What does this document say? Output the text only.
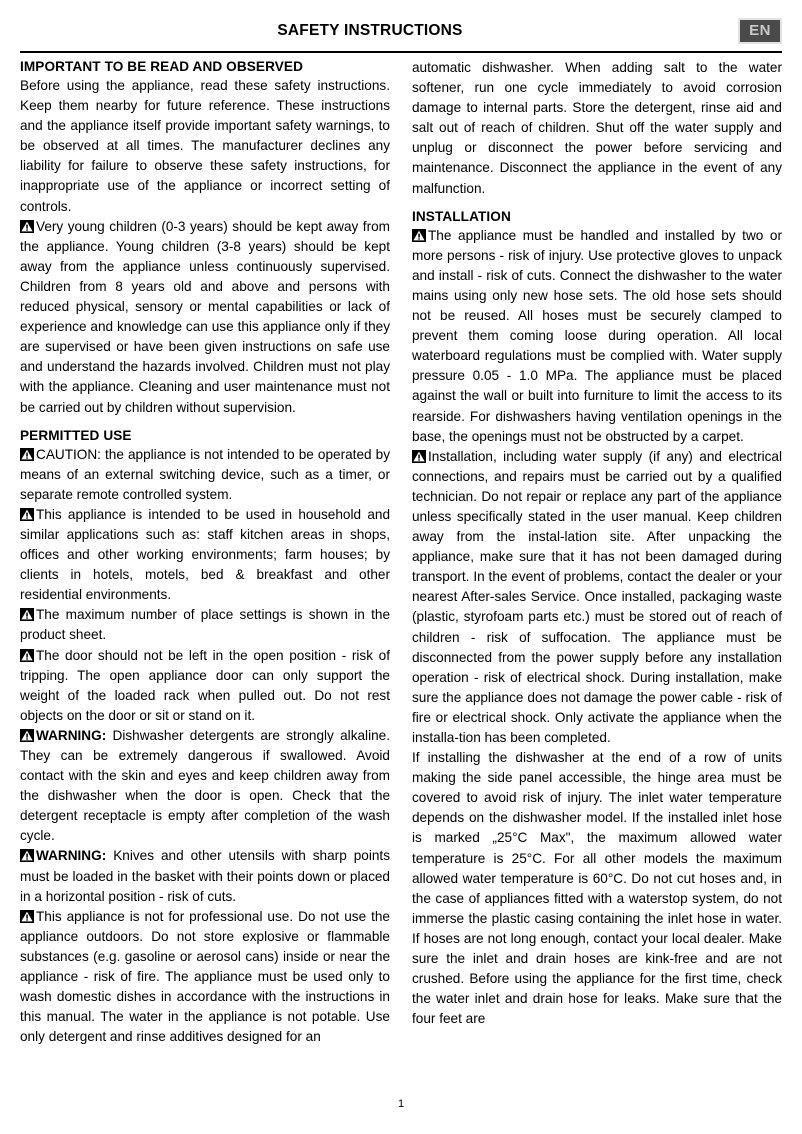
SAFETY INSTRUCTIONS	EN
IMPORTANT TO BE READ AND OBSERVED

Before using the appliance, read these safety instructions. Keep them nearby for future reference. These instructions and the appliance itself provide important safety warnings, to be observed at all times. The manufacturer declines any liability for failure to observe these safety instructions, for inappropriate use of the appliance or incorrect setting of controls.

Very young children (0-3 years) should be kept away from the appliance. Young children (3-8 years) should be kept away from the appliance unless continuously supervised. Children from 8 years old and above and persons with reduced physical, sensory or mental capabilities or lack of experience and knowledge can use this appliance only if they are supervised or have been given instructions on safe use and understand the hazards involved. Children must not play with the appliance. Cleaning and user maintenance must not be carried out by children without supervision.

PERMITTED USE

CAUTION: the appliance is not intended to be operated by means of an external switching device, such as a timer, or separate remote controlled system.

This appliance is intended to be used in household and similar applications such as: staff kitchen areas in shops, offices and other working environments; farm houses; by clients in hotels, motels, bed & breakfast and other residential environments.

The maximum number of place settings is shown in the product sheet.

The door should not be left in the open position - risk of tripping. The open appliance door can only support the weight of the loaded rack when pulled out. Do not rest objects on the door or sit or stand on it.

WARNING: Dishwasher detergents are strongly alkaline. They can be extremely dangerous if swallowed. Avoid contact with the skin and eyes and keep children away from the dishwasher when the door is open. Check that the detergent receptacle is empty after completion of the wash cycle.

WARNING: Knives and other utensils with sharp points must be loaded in the basket with their points down or placed in a horizontal position - risk of cuts.

This appliance is not for professional use. Do not use the appliance outdoors. Do not store explosive or flammable substances (e.g. gasoline or aerosol cans) inside or near the appliance - risk of fire. The appliance must be used only to wash domestic dishes in accordance with the instructions in this manual. The water in the appliance is not potable. Use only detergent and rinse additives designed for an

automatic dishwasher. When adding salt to the water softener, run one cycle immediately to avoid corrosion damage to internal parts. Store the detergent, rinse aid and salt out of reach of children. Shut off the water supply and unplug or disconnect the power before servicing and maintenance. Disconnect the appliance in the event of any malfunction.

INSTALLATION

The appliance must be handled and installed by two or more persons - risk of injury. Use protective gloves to unpack and install - risk of cuts. Connect the dishwasher to the water mains using only new hose sets. The old hose sets should not be reused. All hoses must be securely clamped to prevent them coming loose during operation. All local waterboard regulations must be complied with. Water supply pressure 0.05 - 1.0 MPa. The appliance must be placed against the wall or built into furniture to limit the access to its rearside. For dishwashers having ventilation openings in the base, the openings must not be obstructed by a carpet.

Installation, including water supply (if any) and electrical connections, and repairs must be carried out by a qualified technician. Do not repair or replace any part of the appliance unless specifically stated in the user manual. Keep children away from the instal-lation site. After unpacking the appliance, make sure that it has not been damaged during transport. In the event of problems, contact the dealer or your nearest After-sales Service. Once installed, packaging waste (plastic, styrofoam parts etc.) must be stored out of reach of children - risk of suffocation. The appliance must be disconnected from the power supply before any installation operation - risk of electrical shock. During installation, make sure the appliance does not damage the power cable - risk of fire or electrical shock. Only activate the appliance when the installa-tion has been completed.

If installing the dishwasher at the end of a row of units making the side panel accessible, the hinge area must be covered to avoid risk of injury. The inlet water temperature depends on the dishwasher model. If the installed inlet hose is marked „25°C Max", the maximum allowed water temperature is 25°C. For all other models the maximum allowed water temperature is 60°C. Do not cut hoses and, in the case of appliances fitted with a waterstop system, do not immerse the plastic casing containing the inlet hose in water. If hoses are not long enough, contact your local dealer. Make sure the inlet and drain hoses are kink-free and are not crushed. Before using the appliance for the first time, check the water inlet and drain hose for leaks. Make sure that the four feet are

1
